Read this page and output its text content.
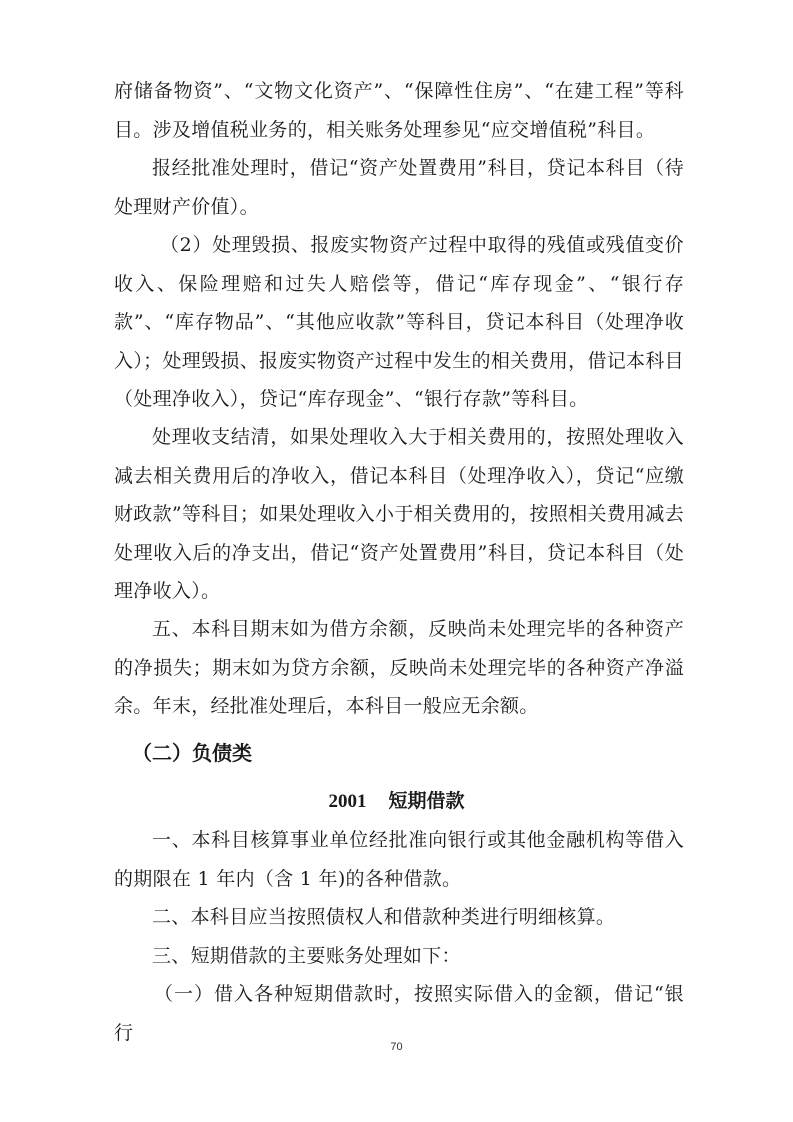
府储备物资”、“文物文化资产”、“保障性住房”、“在建工程”等科目。涉及增值税业务的，相关账务处理参见“应交增值税”科目。

报经批准处理时，借记“资产处置费用”科目，贷记本科目（待处理财产价值）。

（2）处理毁损、报废实物资产过程中取得的残值或残值变价收入、保险理赔和过失人赔偿等，借记“库存现金”、“银行存款”、“库存物品”、“其他应收款”等科目，贷记本科目（处理净收入）；处理毁损、报废实物资产过程中发生的相关费用，借记本科目 （处理净收入），贷记“库存现金”、“银行存款”等科目。

处理收支结清，如果处理收入大于相关费用的，按照处理收入减去相关费用后的净收入，借记本科目（处理净收入），贷记“应缴财政款”等科目；如果处理收入小于相关费用的，按照相关费用减去处理收入后的净支出，借记“资产处置费用”科目，贷记本科目（处理净收入）。

五、本科目期末如为借方余额，反映尚未处理完毕的各种资产的净损失；期末如为贷方余额，反映尚未处理完毕的各种资产净溢余。年末，经批准处理后，本科目一般应无余额。

（二）负债类
2001 短期借款

一、本科目核算事业单位经批准向银行或其他金融机构等借入的期限在 1 年内（含 1 年)的各种借款。

二、本科目应当按照债权人和借款种类进行明细核算。

三、短期借款的主要账务处理如下：

（一）借入各种短期借款时，按照实际借入的金额，借记“银行

70
